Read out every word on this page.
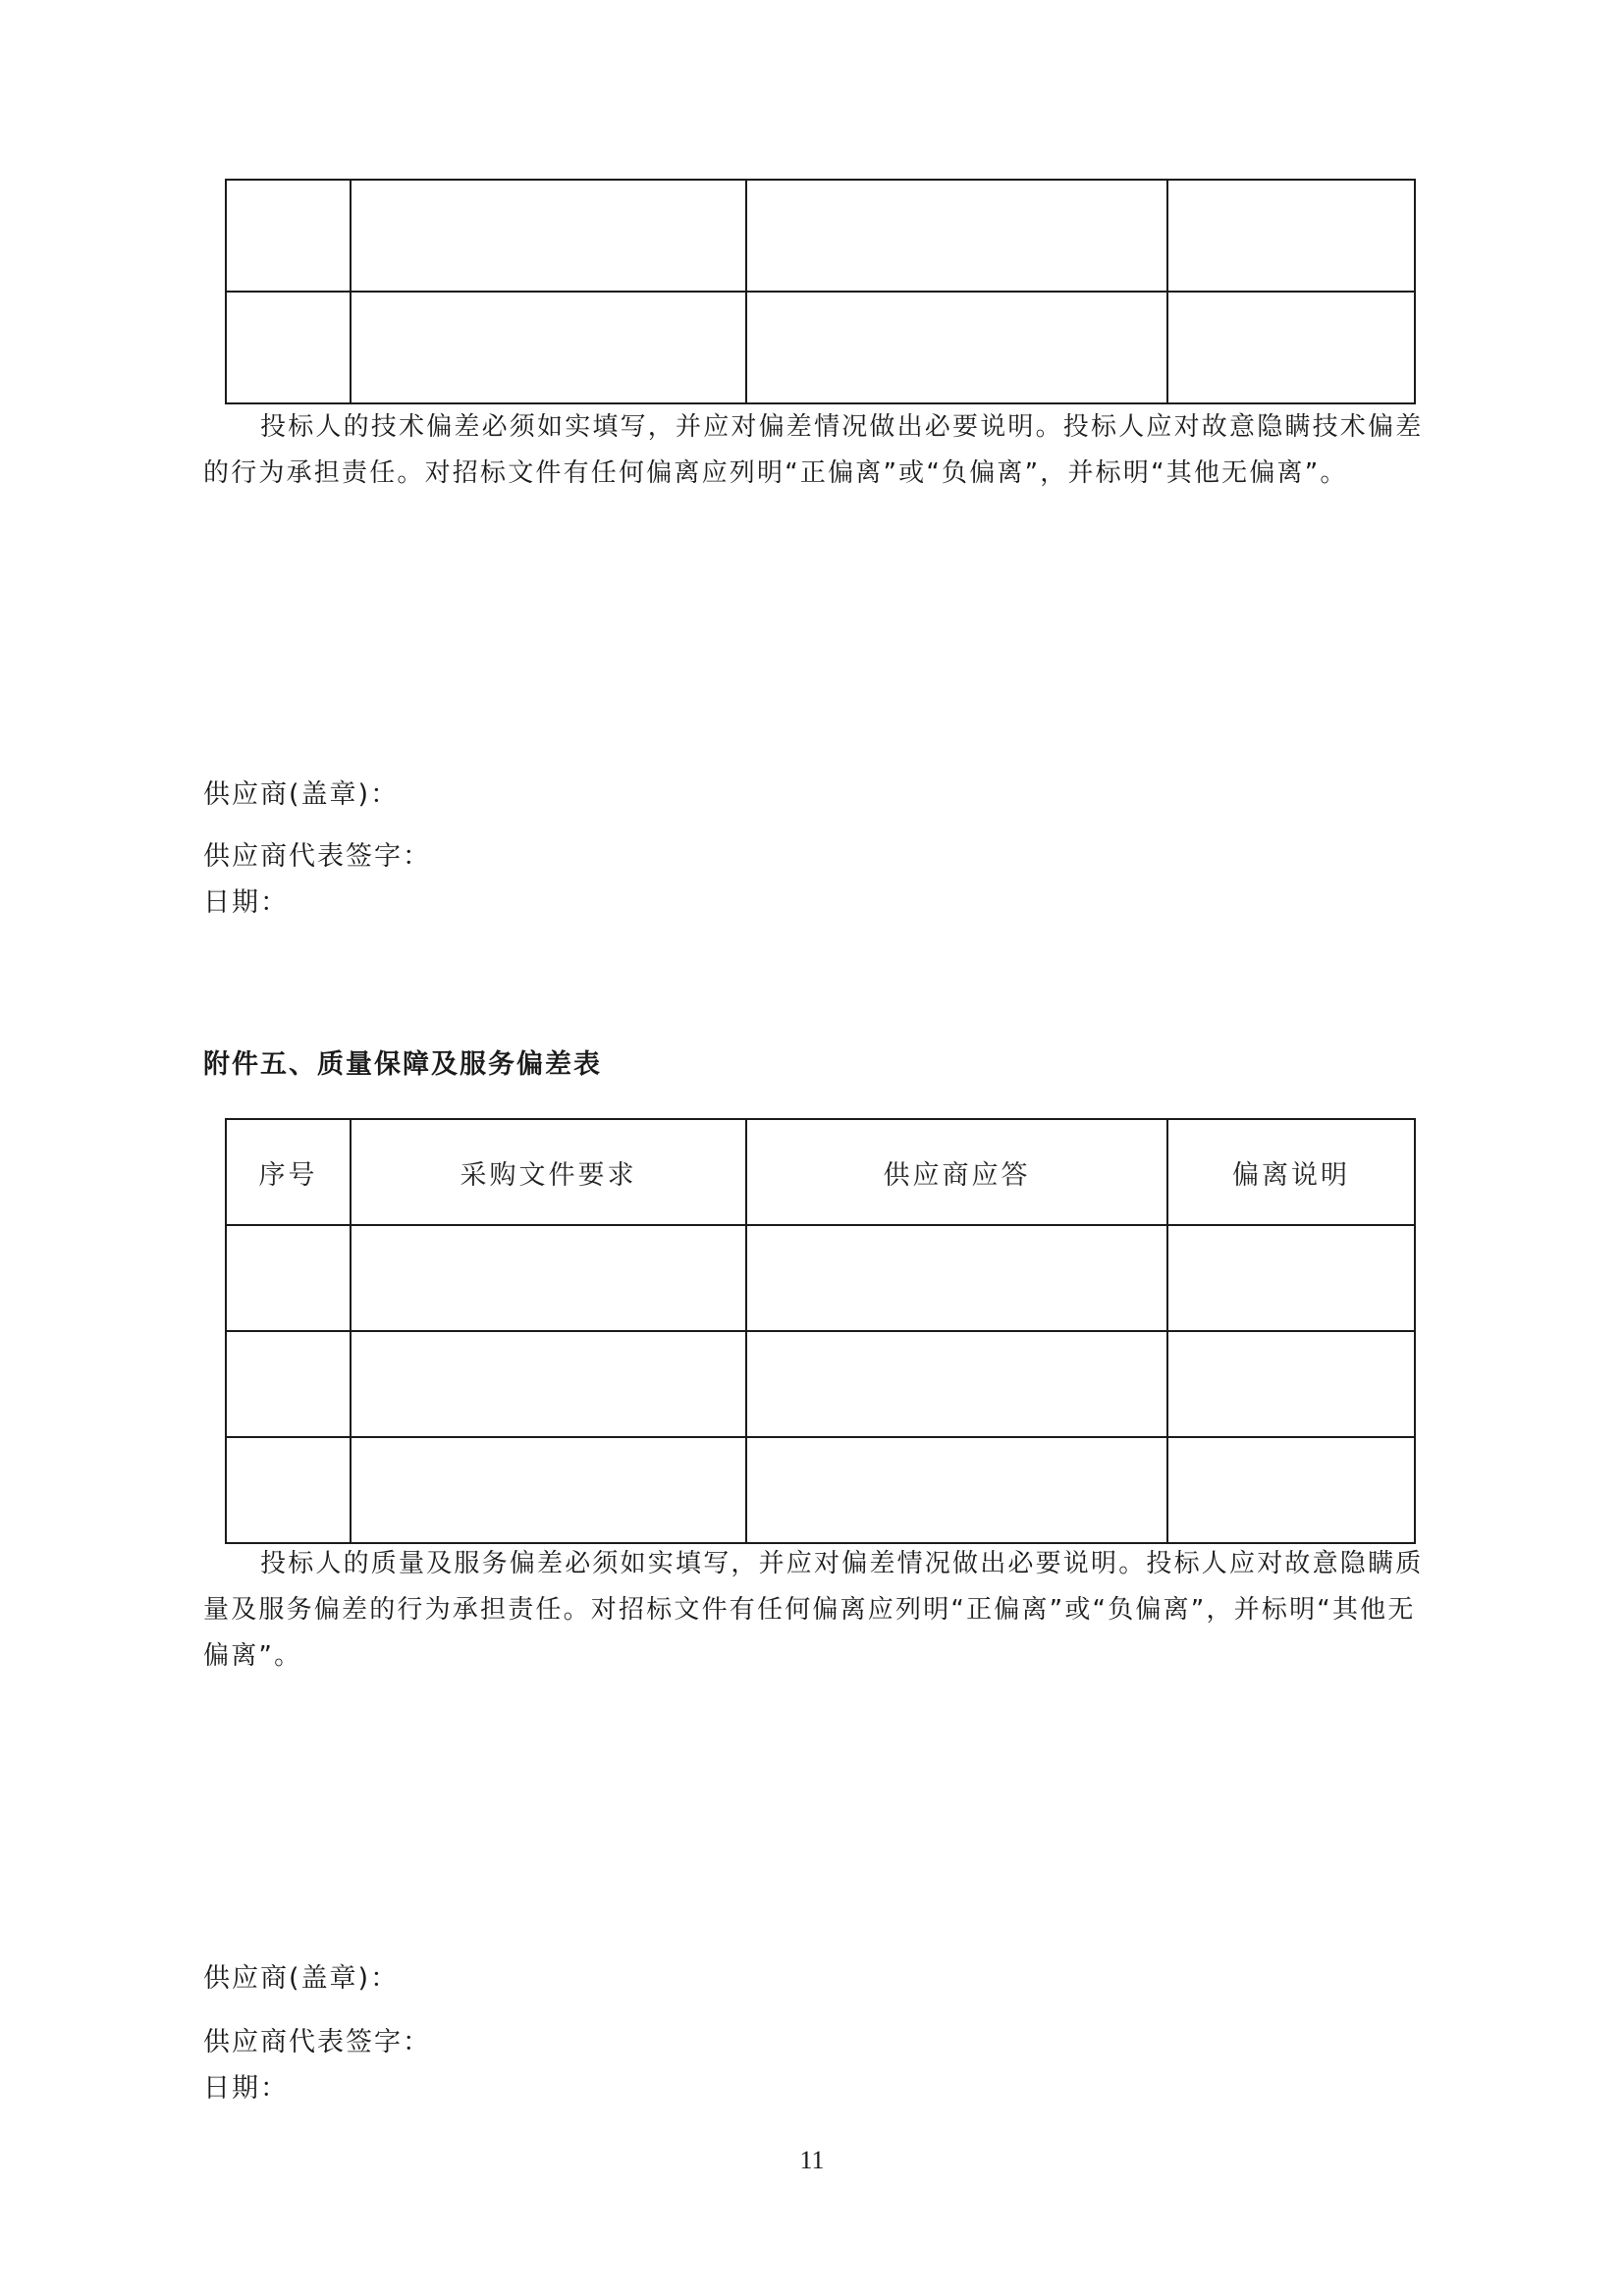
投标人的技术偏差必须如实填写，并应对偏差情况做出必要说明。投标人应对故意隐瞒技术偏差的行为承担责任。对招标文件有任何偏离应列明“正偏离”或“负偏离”，并标明“其他无偏离”。

供应商(盖章)：

供应商代表签字：

日期：

附件五、质量保障及服务偏差表

序号	采购文件要求	供应商应答	偏离说明

投标人的质量及服务偏差必须如实填写，并应对偏差情况做出必要说明。投标人应对故意隐瞒质量及服务偏差的行为承担责任。对招标文件有任何偏离应列明“正偏离”或“负偏离”，并标明“其他无偏离”。

供应商(盖章)：

供应商代表签字：

日期：

11
